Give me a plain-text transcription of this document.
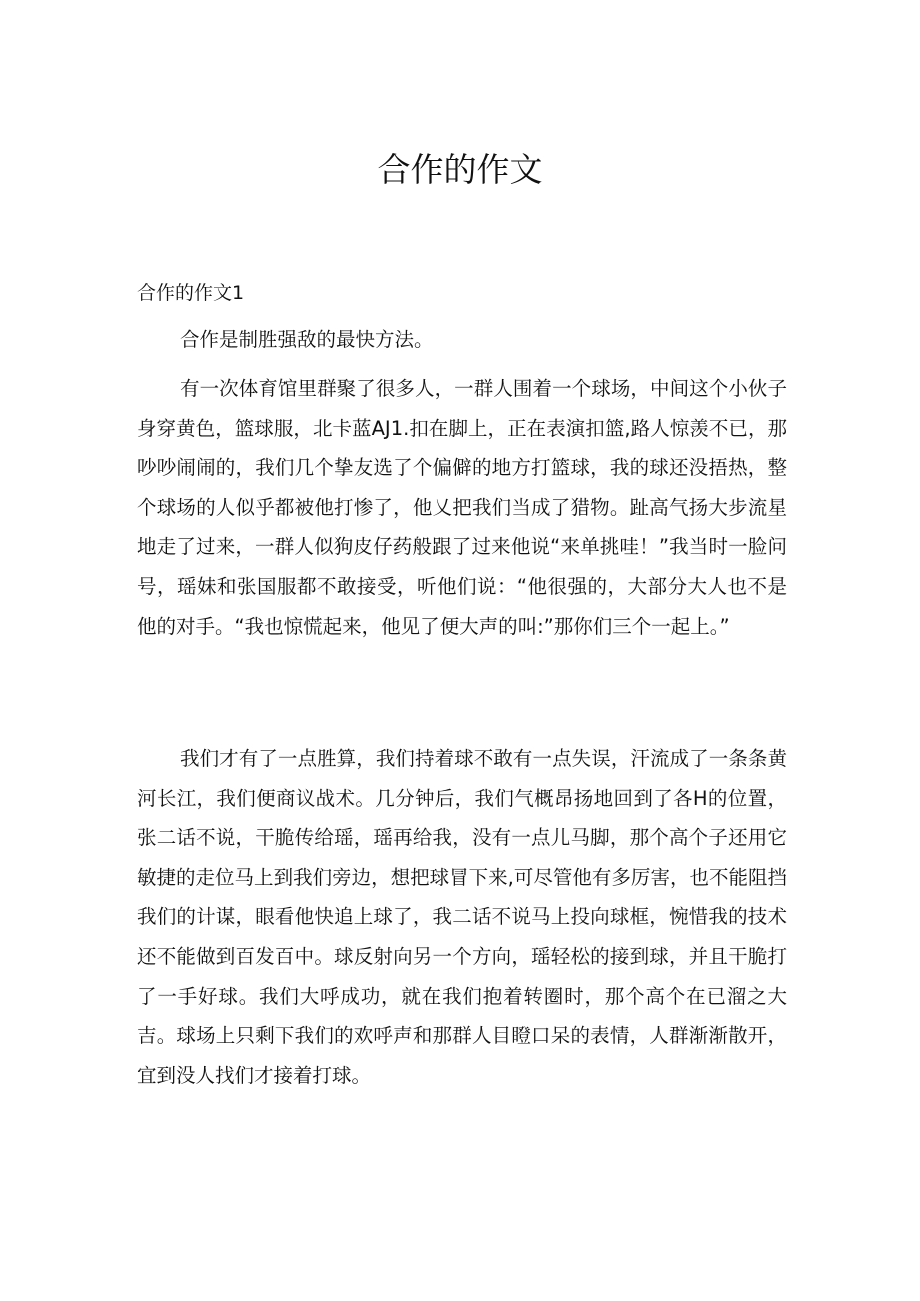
合作的作文
合作的作文1

合作是制胜强敌的最快方法。

有一次体育馆里群聚了很多人，一群人围着一个球场，中间这个小伙子身穿黄色，篮球服，北卡蓝AJ1.扣在脚上，正在表演扣篮,路人惊羡不已，那吵吵闹闹的，我们几个挚友选了个偏僻的地方打篮球，我的球还没捂热，整个球场的人似乎都被他打惨了，他乂把我们当成了猎物。趾高气扬大步流星地走了过来，一群人似狗皮仔药般跟了过来他说“来单挑哇！”我当时一脸问号，瑶妹和张国服都不敢接受，听他们说：“他很强的，大部分大人也不是他的对手。“我也惊慌起来，他见了便大声的叫:”那你们三个一起上。”

我们才有了一点胜算，我们持着球不敢有一点失误，汗流成了一条条黄河长江，我们便商议战术。几分钟后，我们气概昂扬地回到了各H的位置，张二话不说，干脆传给瑶，瑶再给我，没有一点儿马脚，那个高个子还用它敏捷的走位马上到我们旁边，想把球冒下来,可尽管他有多厉害，也不能阻挡我们的计谋，眼看他快追上球了，我二话不说马上投向球框，惋惜我的技术还不能做到百发百中。球反射向另一个方向，瑶轻松的接到球，并且干脆打了一手好球。我们大呼成功，就在我们抱着转圈时，那个高个在已溜之大吉。球场上只剩下我们的欢呼声和那群人目瞪口呆的表情，人群渐渐散开，宜到没人找们才接着打球。
